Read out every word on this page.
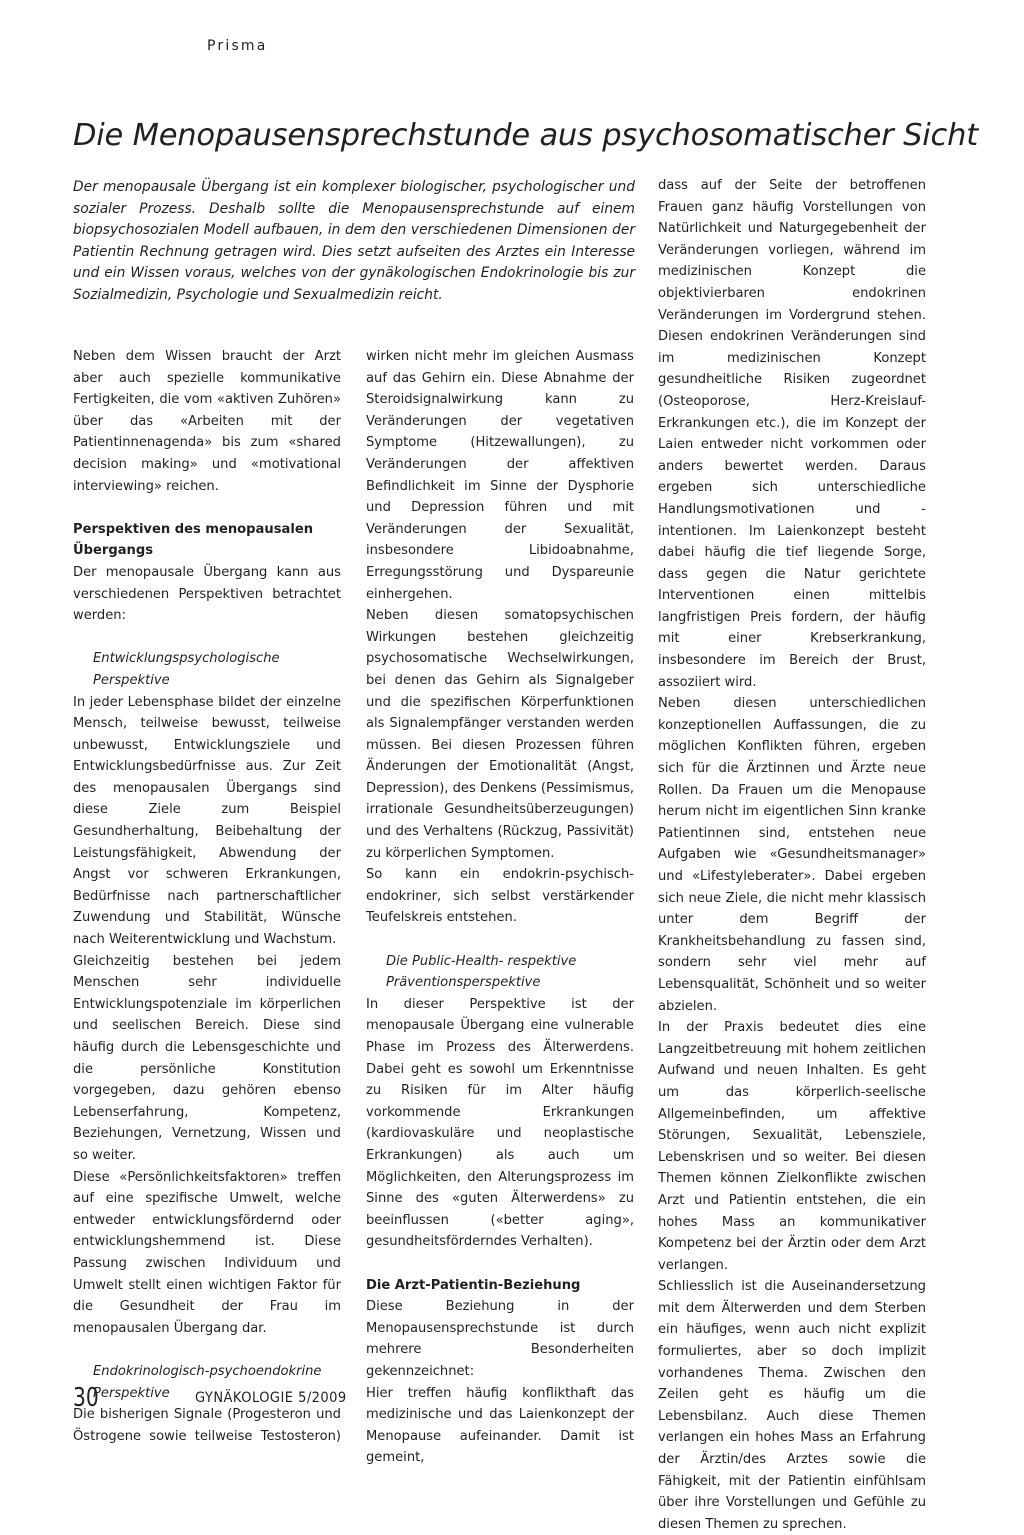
Prisma
Die Menopausensprechstunde aus psychosomatischer Sicht

Der menopausale Übergang ist ein komplexer biologischer, psychologischer und sozialer Prozess. Deshalb sollte die Menopausensprechstunde auf einem biopsychosozialen Modell aufbauen, in dem den verschiedenen Dimensionen der Patientin Rechnung getragen wird. Dies setzt aufseiten des Arztes ein Interesse und ein Wissen voraus, welches von der gynäkologischen Endokrinologie bis zur Sozialmedizin, Psychologie und Sexualmedizin reicht.

Neben dem Wissen braucht der Arzt aber auch spezielle kommunikative Fertigkeiten, die vom «aktiven Zuhören» über das «Arbeiten mit der Patientinnenagenda» bis zum «shared decision making» und «motivational interviewing» reichen.

Perspektiven des menopausalen Übergangs

Der menopausale Übergang kann aus verschiedenen Perspektiven betrachtet werden:

Entwicklungspsychologische Perspektive

In jeder Lebensphase bildet der einzelne Mensch, teilweise bewusst, teilweise unbewusst, Entwicklungsziele und Entwicklungsbedürfnisse aus. Zur Zeit des menopausalen Übergangs sind diese Ziele zum Beispiel Gesundherhaltung, Beibehaltung der Leistungsfähigkeit, Abwendung der Angst vor schweren Erkrankungen, Bedürfnisse nach partnerschaftlicher Zuwendung und Stabilität, Wünsche nach Weiterentwicklung und Wachstum.

Gleichzeitig bestehen bei jedem Menschen sehr individuelle Entwicklungspotenziale im körperlichen und seelischen Bereich. Diese sind häufig durch die Lebensgeschichte und die persönliche Konstitution vorgegeben, dazu gehören ebenso Lebenserfahrung, Kompetenz, Beziehungen, Vernetzung, Wissen und so weiter.

Diese «Persönlichkeitsfaktoren» treffen auf eine spezifische Umwelt, welche entweder entwicklungsfördernd oder entwicklungshemmend ist. Diese Passung zwischen Individuum und Umwelt stellt einen wichtigen Faktor für die Gesundheit der Frau im menopausalen Übergang dar.

Endokrinologisch-psychoendokrine Perspektive

Die bisherigen Signale (Progesteron und Östrogene sowie teilweise Testosteron)

wirken nicht mehr im gleichen Ausmass auf das Gehirn ein. Diese Abnahme der Steroidsignalwirkung kann zu Veränderungen der vegetativen Symptome (Hitzewallungen), zu Veränderungen der affektiven Befindlichkeit im Sinne der Dysphorie und Depression führen und mit Veränderungen der Sexualität, insbesondere Libidoabnahme, Erregungsstörung und Dyspareunie einhergehen.

Neben diesen somatopsychischen Wirkungen bestehen gleichzeitig psychosomatische Wechselwirkungen, bei denen das Gehirn als Signalgeber und die spezifischen Körperfunktionen als Signalempfänger verstanden werden müssen. Bei diesen Prozessen führen Änderungen der Emotionalität (Angst, Depression), des Denkens (Pessimismus, irrationale Gesundheitsüberzeugungen) und des Verhaltens (Rückzug, Passivität) zu körperlichen Symptomen.

So kann ein endokrin-psychisch-endokriner, sich selbst verstärkender Teufelskreis entstehen.

Die Public-Health- respektive Präventionsperspektive

In dieser Perspektive ist der menopausale Übergang eine vulnerable Phase im Prozess des Älterwerdens. Dabei geht es sowohl um Erkenntnisse zu Risiken für im Alter häufig vorkommende Erkrankungen (kardiovaskuläre und neoplastische Erkrankungen) als auch um Möglichkeiten, den Alterungsprozess im Sinne des «guten Älterwerdens» zu beeinflussen («better aging», gesundheitsförderndes Verhalten).

Die Arzt-Patientin-Beziehung

Diese Beziehung in der Menopausensprechstunde ist durch mehrere Besonderheiten gekennzeichnet:

Hier treffen häufig konflikthaft das medizinische und das Laienkonzept der Menopause aufeinander. Damit ist gemeint,

dass auf der Seite der betroffenen Frauen ganz häufig Vorstellungen von Natürlichkeit und Naturgegebenheit der Veränderungen vorliegen, während im medizinischen Konzept die objektivierbaren endokrinen Veränderungen im Vordergrund stehen. Diesen endokrinen Veränderungen sind im medizinischen Konzept gesundheitliche Risiken zugeordnet (Osteoporose, Herz-Kreislauf-Erkrankungen etc.), die im Konzept der Laien entweder nicht vorkommen oder anders bewertet werden. Daraus ergeben sich unterschiedliche Handlungsmotivationen und -intentionen. Im Laienkonzept besteht dabei häufig die tief liegende Sorge, dass gegen die Natur gerichtete Interventionen einen mittelbis langfristigen Preis fordern, der häufig mit einer Krebserkrankung, insbesondere im Bereich der Brust, assoziiert wird.

Neben diesen unterschiedlichen konzeptionellen Auffassungen, die zu möglichen Konflikten führen, ergeben sich für die Ärztinnen und Ärzte neue Rollen. Da Frauen um die Menopause herum nicht im eigentlichen Sinn kranke Patientinnen sind, entstehen neue Aufgaben wie «Gesundheitsmanager» und «Lifestyleberater». Dabei ergeben sich neue Ziele, die nicht mehr klassisch unter dem Begriff der Krankheitsbehandlung zu fassen sind, sondern sehr viel mehr auf Lebensqualität, Schönheit und so weiter abzielen.

In der Praxis bedeutet dies eine Langzeitbetreuung mit hohem zeitlichen Aufwand und neuen Inhalten. Es geht um das körperlich-seelische Allgemeinbefinden, um affektive Störungen, Sexualität, Lebensziele, Lebenskrisen und so weiter. Bei diesen Themen können Zielkonflikte zwischen Arzt und Patientin entstehen, die ein hohes Mass an kommunikativer Kompetenz bei der Ärztin oder dem Arzt verlangen.

Schliesslich ist die Auseinandersetzung mit dem Älterwerden und dem Sterben ein häufiges, wenn auch nicht explizit formuliertes, aber so doch implizit vorhandenes Thema. Zwischen den Zeilen geht es häufig um die Lebensbilanz. Auch diese Themen verlangen ein hohes Mass an Erfahrung der Ärztin/des Arztes sowie die Fähigkeit, mit der Patientin einfühlsam über ihre Vorstellungen und Gefühle zu diesen Themen zu sprechen.

30	GYNÄKOLOGIE 5/2009
